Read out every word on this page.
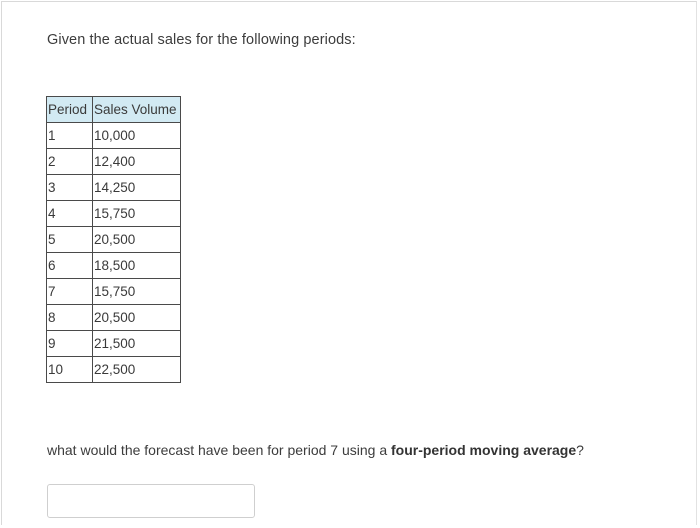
Given the actual sales for the following periods:
Period	Sales Volume
1	10,000
2	12,400
3	14,250
4	15,750
5	20,500
6	18,500
7	15,750
8	20,500
9	21,500
10	22,500
what would the forecast have been for period 7 using a four-period moving average?
